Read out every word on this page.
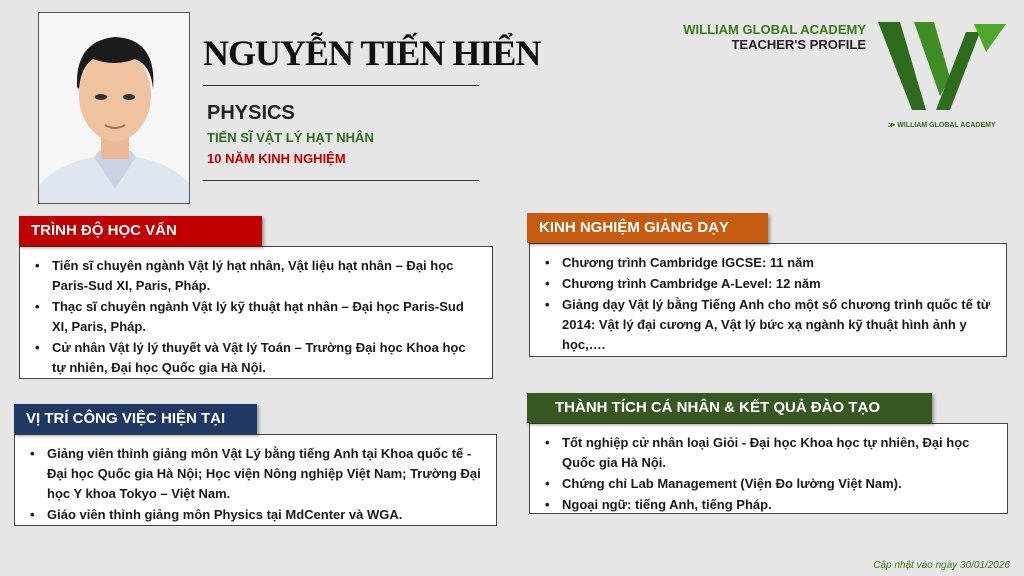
NGUYỄN TIẾN HIỂN
PHYSICS
TIẾN SĨ VẬT LÝ HẠT NHÂN
10 NĂM KINH NGHIỆM
WILLIAM GLOBAL ACADEMY
TEACHER'S PROFILE
≫ WILLIAM GLOBAL ACADEMY
• Tiến sĩ chuyên ngành Vật lý hạt nhân, Vật liệu hạt nhân – Đại học Paris-Sud XI, Paris, Pháp.
• Thạc sĩ chuyên ngành Vật lý kỹ thuật hạt nhân – Đại học Paris-Sud XI, Paris, Pháp.
• Cử nhân Vật lý lý thuyết và Vật lý Toán – Trường Đại học Khoa học tự nhiên, Đại học Quốc gia Hà Nội.
TRÌNH ĐỘ HỌC VẤN
• Giảng viên thỉnh giảng môn Vật Lý bằng tiếng Anh tại Khoa quốc tế - Đại học Quốc gia Hà Nội; Học viện Nông nghiệp Việt Nam; Trường Đại học Y khoa Tokyo – Việt Nam.
• Giáo viên thỉnh giảng môn Physics tại MdCenter và WGA.
VỊ TRÍ CÔNG VIỆC HIỆN TẠI
• Chương trình Cambridge IGCSE: 11 năm
• Chương trình Cambridge A-Level: 12 năm
• Giảng dạy Vật lý bằng Tiếng Anh cho một số chương trình quốc tế từ 2014: Vật lý đại cương A, Vật lý bức xạ ngành kỹ thuật hình ảnh y học,….
KINH NGHIỆM GIẢNG DẠY
• Tốt nghiệp cử nhân loại Giỏi - Đại học Khoa học tự nhiên, Đại học Quốc gia Hà Nội.
• Chứng chỉ Lab Management (Viện Đo lường Việt Nam).
• Ngoại ngữ: tiếng Anh, tiếng Pháp.
THÀNH TÍCH CÁ NHÂN & KẾT QUẢ ĐÀO TẠO
Cập nhật vào ngày 30/01/2026
